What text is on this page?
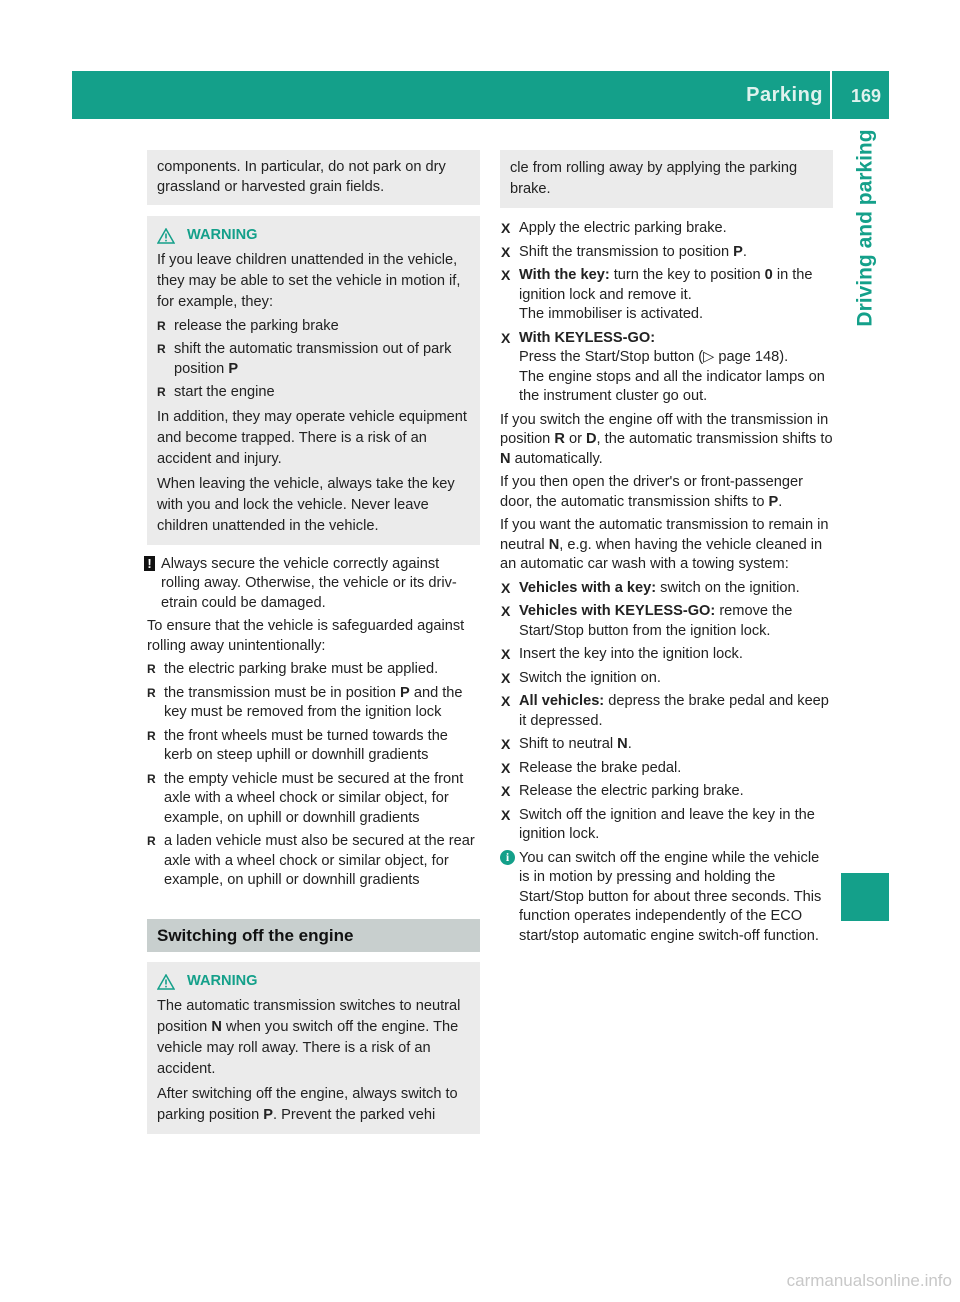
Parking 169
Driving and parking

components. In particular, do not park on dry grassland or harvested grain fields.

WARNING

If you leave children unattended in the vehicle, they may be able to set the vehicle in motion if, for example, they:

R release the parking brake
R shift the automatic transmission out of park position P
R start the engine

In addition, they may operate vehicle equipment and become trapped. There is a risk of an accident and injury.

When leaving the vehicle, always take the key with you and lock the vehicle. Never leave children unattended in the vehicle.

! Always secure the vehicle correctly against rolling away. Otherwise, the vehicle or its drivetrain could be damaged.

To ensure that the vehicle is safeguarded against rolling away unintentionally:

R the electric parking brake must be applied.
R the transmission must be in position P and the key must be removed from the ignition lock
R the front wheels must be turned towards the kerb on steep uphill or downhill gradients
R the empty vehicle must be secured at the front axle with a wheel chock or similar object, for example, on uphill or downhill gradients
R a laden vehicle must also be secured at the rear axle with a wheel chock or similar object, for example, on uphill or downhill gradients
Switching off the engine
WARNING

The automatic transmission switches to neutral position N when you switch off the engine. The vehicle may roll away. There is a risk of an accident.

After switching off the engine, always switch to parking position P. Prevent the parked vehi

cle from rolling away by applying the parking brake.

X Apply the electric parking brake.
X Shift the transmission to position P.
X With the key: turn the key to position 0 in the ignition lock and remove it.
The immobiliser is activated.
X With KEYLESS-GO:
Press the Start/Stop button (▷ page 148).
The engine stops and all the indicator lamps on the instrument cluster go out.

If you switch the engine off with the transmission in position R or D, the automatic transmission shifts to N automatically.

If you then open the driver's or front-passenger door, the automatic transmission shifts to P.

If you want the automatic transmission to remain in neutral N, e.g. when having the vehicle cleaned in an automatic car wash with a towing system:

X Vehicles with a key: switch on the ignition.
X Vehicles with KEYLESS-GO: remove the Start/Stop button from the ignition lock.
X Insert the key into the ignition lock.
X Switch the ignition on.
X All vehicles: depress the brake pedal and keep it depressed.
X Shift to neutral N.
X Release the brake pedal.
X Release the electric parking brake.
X Switch off the ignition and leave the key in the ignition lock.
i You can switch off the engine while the vehicle is in motion by pressing and holding the Start/Stop button for about three seconds. This function operates independently of the ECO start/stop automatic engine switch-off function.
carmanualsonline.info
